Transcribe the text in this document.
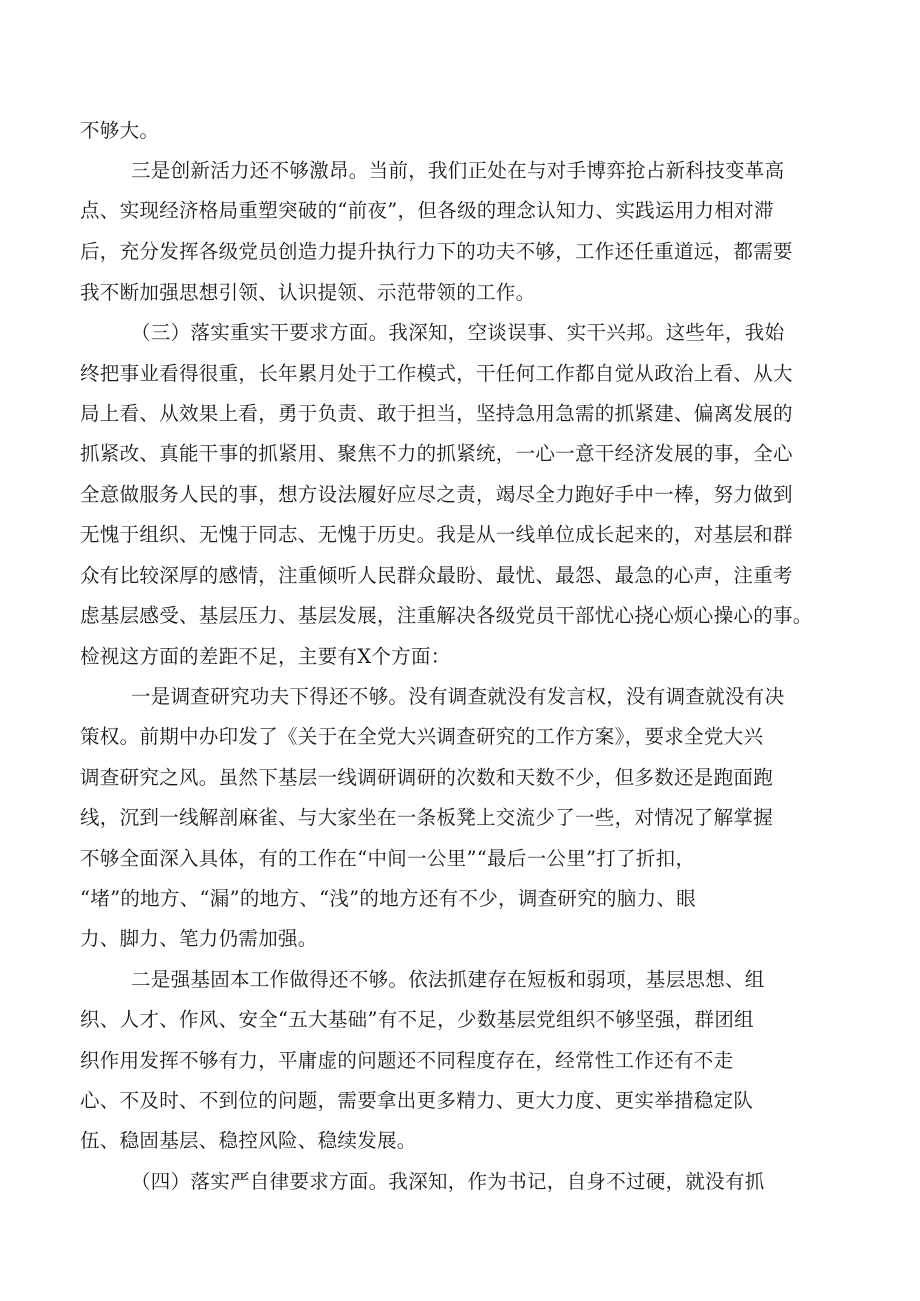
不够大。
三是创新活力还不够激昂。当前，我们正处在与对手博弈抢占新科技变革高
点、实现经济格局重塑突破的“前夜”，但各级的理念认知力、实践运用力相对滞
后，充分发挥各级党员创造力提升执行力下的功夫不够，工作还任重道远，都需要
我不断加强思想引领、认识提领、示范带领的工作。
（三）落实重实干要求方面。我深知，空谈误事、实干兴邦。这些年，我始
终把事业看得很重，长年累月处于工作模式，干任何工作都自觉从政治上看、从大
局上看、从效果上看，勇于负责、敢于担当，坚持急用急需的抓紧建、偏离发展的
抓紧改、真能干事的抓紧用、聚焦不力的抓紧统，一心一意干经济发展的事，全心
全意做服务人民的事，想方设法履好应尽之责，竭尽全力跑好手中一棒，努力做到
无愧于组织、无愧于同志、无愧于历史。我是从一线单位成长起来的，对基层和群
众有比较深厚的感情，注重倾听人民群众最盼、最忧、最怨、最急的心声，注重考
虑基层感受、基层压力、基层发展，注重解决各级党员干部忧心挠心烦心操心的事。
检视这方面的差距不足，主要有X个方面：
一是调查研究功夫下得还不够。没有调查就没有发言权，没有调查就没有决
策权。前期中办印发了《关于在全党大兴调查研究的工作方案》，要求全党大兴
调查研究之风。虽然下基层一线调研调研的次数和天数不少，但多数还是跑面跑
线，沉到一线解剖麻雀、与大家坐在一条板凳上交流少了一些，对情况了解掌握
不够全面深入具体，有的工作在“中间一公里”“最后一公里”打了折扣，
“堵”的地方、“漏”的地方、“浅”的地方还有不少，调查研究的脑力、眼
力、脚力、笔力仍需加强。
二是强基固本工作做得还不够。依法抓建存在短板和弱项，基层思想、组
织、人才、作风、安全“五大基础”有不足，少数基层党组织不够坚强，群团组
织作用发挥不够有力，平庸虚的问题还不同程度存在，经常性工作还有不走
心、不及时、不到位的问题，需要拿出更多精力、更大力度、更实举措稳定队
伍、稳固基层、稳控风险、稳续发展。
（四）落实严自律要求方面。我深知，作为书记，自身不过硬，就没有抓
